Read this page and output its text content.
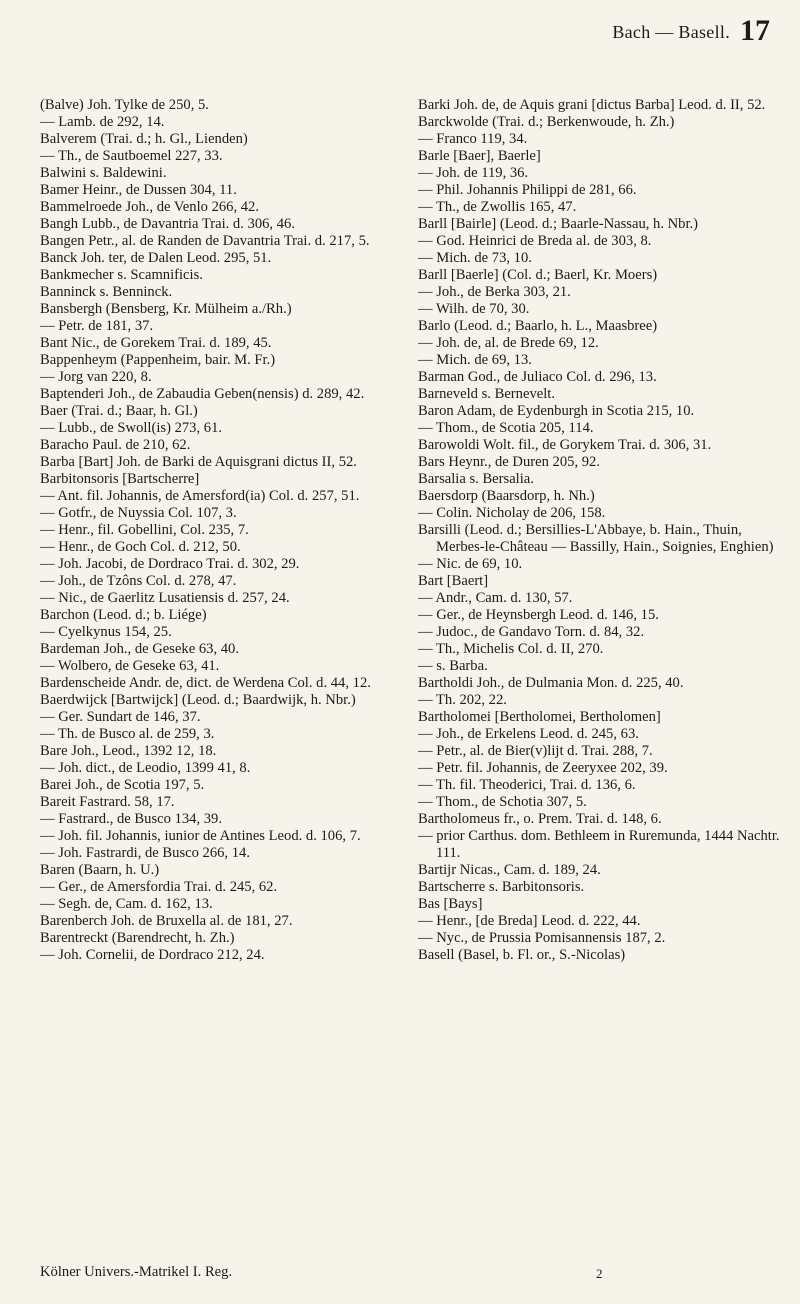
Bach — Basell. 17
(Balve) Joh. Tylke de 250, 5.
— Lamb. de 292, 14.
Balverem (Trai. d.; h. Gl., Lienden)
— Th., de Sautboemel 227, 33.
Balwini s. Baldewini.
Bamer Heinr., de Dussen 304, 11.
Bammelroede Joh., de Venlo 266, 42.
Bangh Lubb., de Davantria Trai. d. 306, 46.
Bangen Petr., al. de Randen de Davantria Trai. d. 217, 5.
Banck Joh. ter, de Dalen Leod. 295, 51.
Bankmecher s. Scamnificis.
Banninck s. Benninck.
Bansbergh (Bensberg, Kr. Mülheim a./Rh.)
— Petr. de 181, 37.
Bant Nic., de Gorekem Trai. d. 189, 45.
Bappenheym (Pappenheim, bair. M. Fr.)
— Jorg van 220, 8.
Baptenderi Joh., de Zabaudia Geben(nensis) d. 289, 42.
Baer (Trai. d.; Baar, h. Gl.)
— Lubb., de Swoll(is) 273, 61.
Baracho Paul. de 210, 62.
Barba [Bart] Joh. de Barki de Aquisgrani dictus II, 52.
Barbitonsoris [Bartscherre]
— Ant. fil. Johannis, de Amersford(ia) Col. d. 257, 51.
— Gotfr., de Nuyssia Col. 107, 3.
— Henr., fil. Gobellini, Col. 235, 7.
— Henr., de Goch Col. d. 212, 50.
— Joh. Jacobi, de Dordraco Trai. d. 302, 29.
— Joh., de Tzôns Col. d. 278, 47.
— Nic., de Gaerlitz Lusatiensis d. 257, 24.
Barchon (Leod. d.; b. Liége)
— Cyelkynus 154, 25.
Bardeman Joh., de Geseke 63, 40.
— Wolbero, de Geseke 63, 41.
Bardenscheide Andr. de, dict. de Werdena Col. d. 44, 12.
Baerdwijck [Bartwijck] (Leod. d.; Baardwijk, h. Nbr.)
— Ger. Sundart de 146, 37.
— Th. de Busco al. de 259, 3.
Bare Joh., Leod., 1392 12, 18.
— Joh. dict., de Leodio, 1399 41, 8.
Barei Joh., de Scotia 197, 5.
Bareit Fastrard. 58, 17.
— Fastrard., de Busco 134, 39.
— Joh. fil. Johannis, iunior de Antines Leod. d. 106, 7.
— Joh. Fastrardi, de Busco 266, 14.
Baren (Baarn, h. U.)
— Ger., de Amersfordia Trai. d. 245, 62.
— Segh. de, Cam. d. 162, 13.
Barenberch Joh. de Bruxella al. de 181, 27.
Barentreckt (Barendrecht, h. Zh.)
— Joh. Cornelii, de Dordraco 212, 24.
Barki Joh. de, de Aquis grani [dictus Barba] Leod. d. II, 52.
Barckwolde (Trai. d.; Berkenwoude, h. Zh.)
— Franco 119, 34.
Barle [Baer], Baerle]
— Joh. de 119, 36.
— Phil. Johannis Philippi de 281, 66.
— Th., de Zwollis 165, 47.
Barll [Bairle] (Leod. d.; Baarle-Nassau, h. Nbr.)
— God. Heinrici de Breda al. de 303, 8.
— Mich. de 73, 10.
Barll [Baerle] (Col. d.; Baerl, Kr. Moers)
— Joh., de Berka 303, 21.
— Wilh. de 70, 30.
Barlo (Leod. d.; Baarlo, h. L., Maasbree)
— Joh. de, al. de Brede 69, 12.
— Mich. de 69, 13.
Barman God., de Juliaco Col. d. 296, 13.
Barneveld s. Bernevelt.
Baron Adam, de Eydenburgh in Scotia 215, 10.
— Thom., de Scotia 205, 114.
Barowoldi Wolt. fil., de Gorykem Trai. d. 306, 31.
Bars Heynr., de Duren 205, 92.
Barsalia s. Bersalia.
Baersdorp (Baarsdorp, h. Nh.)
— Colin. Nicholay de 206, 158.
Barsilli (Leod. d.; Bersillies-L'Abbaye, b. Hain., Thuin, Merbes-le-Château — Bassilly, Hain., Soignies, Enghien)
— Nic. de 69, 10.
Bart [Baert]
— Andr., Cam. d. 130, 57.
— Ger., de Heynsbergh Leod. d. 146, 15.
— Judoc., de Gandavo Torn. d. 84, 32.
— Th., Michelis Col. d. II, 270.
— s. Barba.
Bartholdi Joh., de Dulmania Mon. d. 225, 40.
— Th. 202, 22.
Bartholomei [Bertholomei, Bertholomen]
— Joh., de Erkelens Leod. d. 245, 63.
— Petr., al. de Bier(v)lijt d. Trai. 288, 7.
— Petr. fil. Johannis, de Zeeryxee 202, 39.
— Th. fil. Theoderici, Trai. d. 136, 6.
— Thom., de Schotia 307, 5.
Bartholomeus fr., o. Prem. Trai. d. 148, 6.
— prior Carthus. dom. Bethleem in Ruremunda, 1444 Nachtr. 111.
Bartijr Nicas., Cam. d. 189, 24.
Bartscherre s. Barbitonsoris.
Bas [Bays]
— Henr., [de Breda] Leod. d. 222, 44.
— Nyc., de Prussia Pomisannensis 187, 2.
Basell (Basel, b. Fl. or., S.-Nicolas)
Kölner Univers.-Matrikel I. Reg.	2
